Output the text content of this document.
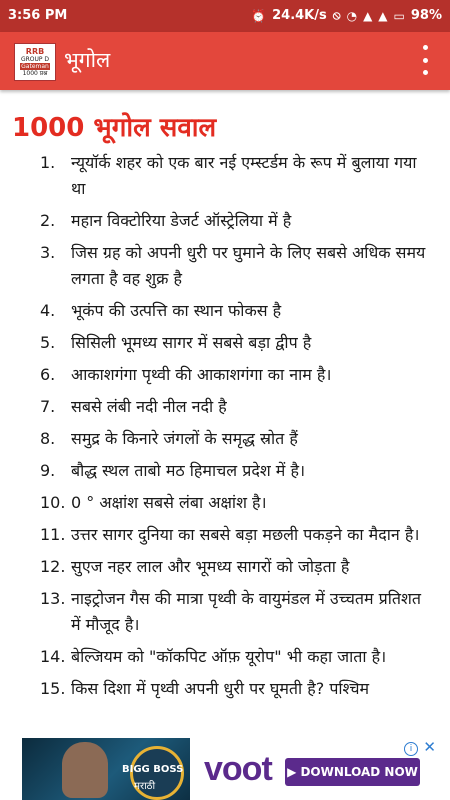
3:56 PM	⏰ 24.4K/s ⦸ ◔ ▲ ▲ ▭ 98%
RRB
GROUP D
Gateman
1000 प्रश्न
भूगोल
1000 भूगोल सवाल
1. न्यूयॉर्क शहर को एक बार नई एम्स्टर्डम के रूप में बुलाया गया था
2. महान विक्टोरिया डेजर्ट ऑस्ट्रेलिया में है
3. जिस ग्रह को अपनी धुरी पर घुमाने के लिए सबसे अधिक समय लगता है वह शुक्र है
4. भूकंप की उत्पत्ति का स्थान फोकस है
5. सिसिली भूमध्य सागर में सबसे बड़ा द्वीप है
6. आकाशगंगा पृथ्वी की आकाशगंगा का नाम है।
7. सबसे लंबी नदी नील नदी है
8. समुद्र के किनारे जंगलों के समृद्ध स्रोत हैं
9. बौद्ध स्थल ताबो मठ हिमाचल प्रदेश में है।
10. 0 ° अक्षांश सबसे लंबा अक्षांश है।
11. उत्तर सागर दुनिया का सबसे बड़ा मछली पकड़ने का मैदान है।
12. सुएज नहर लाल और भूमध्य सागरों को जोड़ता है
13. नाइट्रोजन गैस की मात्रा पृथ्वी के वायुमंडल में उच्चतम प्रतिशत में मौजूद है।
14. बेल्जियम को "कॉकपिट ऑफ़ यूरोप" भी कहा जाता है।
15. किस दिशा में पृथ्वी अपनी धुरी पर घूमती है? पश्चिम
BIGG BOSS
मराठी voot ▶ DOWNLOAD NOW
i ✕
